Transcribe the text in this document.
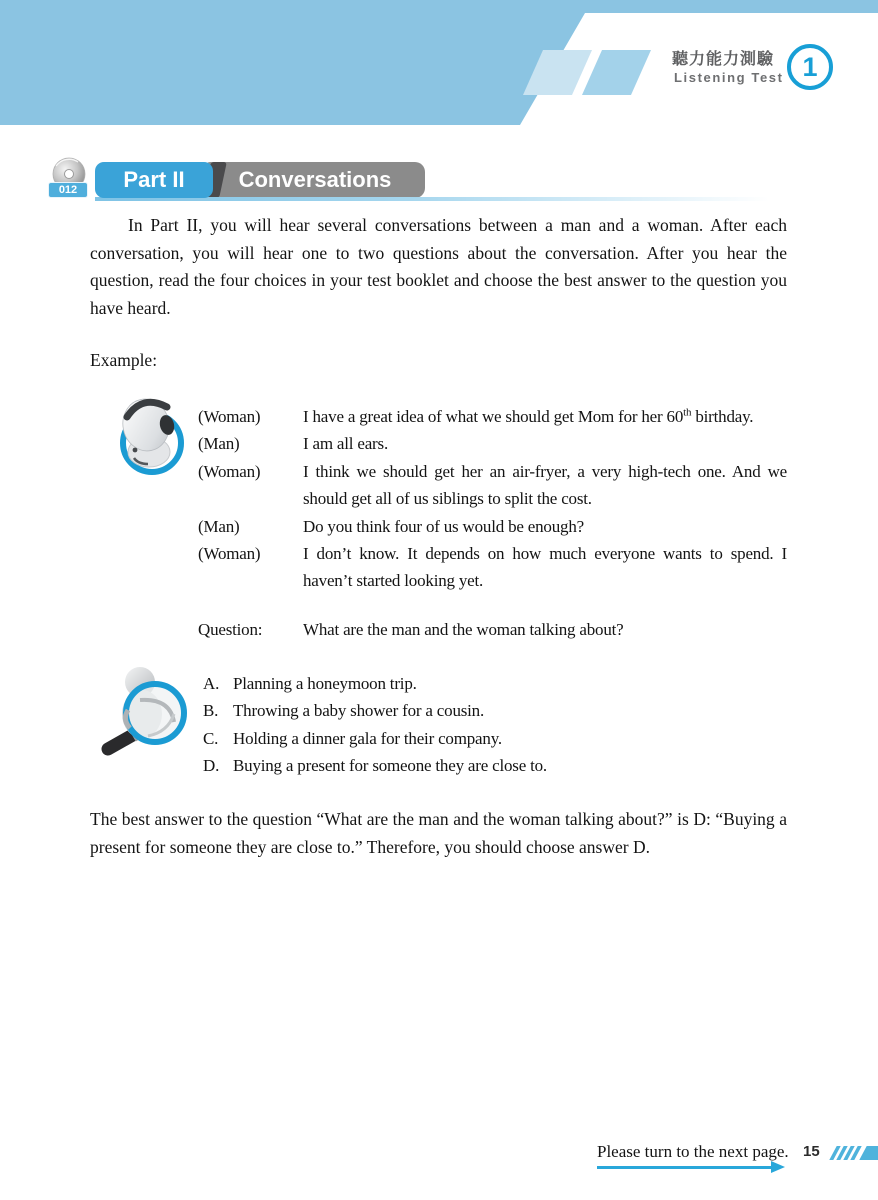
聽力能力測驗
Listening Test 1
012	Conversations
Part II

In Part II, you will hear several conversations between a man and a woman. After each conversation, you will hear one to two questions about the conversation. After you hear the question, read the four choices in your test booklet and choose the best answer to the question you have heard.

Example:
(Woman)	I have a great idea of what we should get Mom for her 60th birthday.
(Man)	I am all ears.
(Woman)	I think we should get her an air-fryer, a very high-tech one. And we should get all of us siblings to split the cost.
(Man)	Do you think four of us would be enough?
(Woman)	I don’t know. It depends on how much everyone wants to spend. I haven’t started looking yet.
Question:	What are the man and the woman talking about?
A. Planning a honeymoon trip.
B. Throwing a baby shower for a cousin.
C. Holding a dinner gala for their company.
D. Buying a present for someone they are close to.

The best answer to the question “What are the man and the woman talking about?” is D: “Buying a present for someone they are close to.” Therefore, you should choose answer D.

Please turn to the next page. 15
